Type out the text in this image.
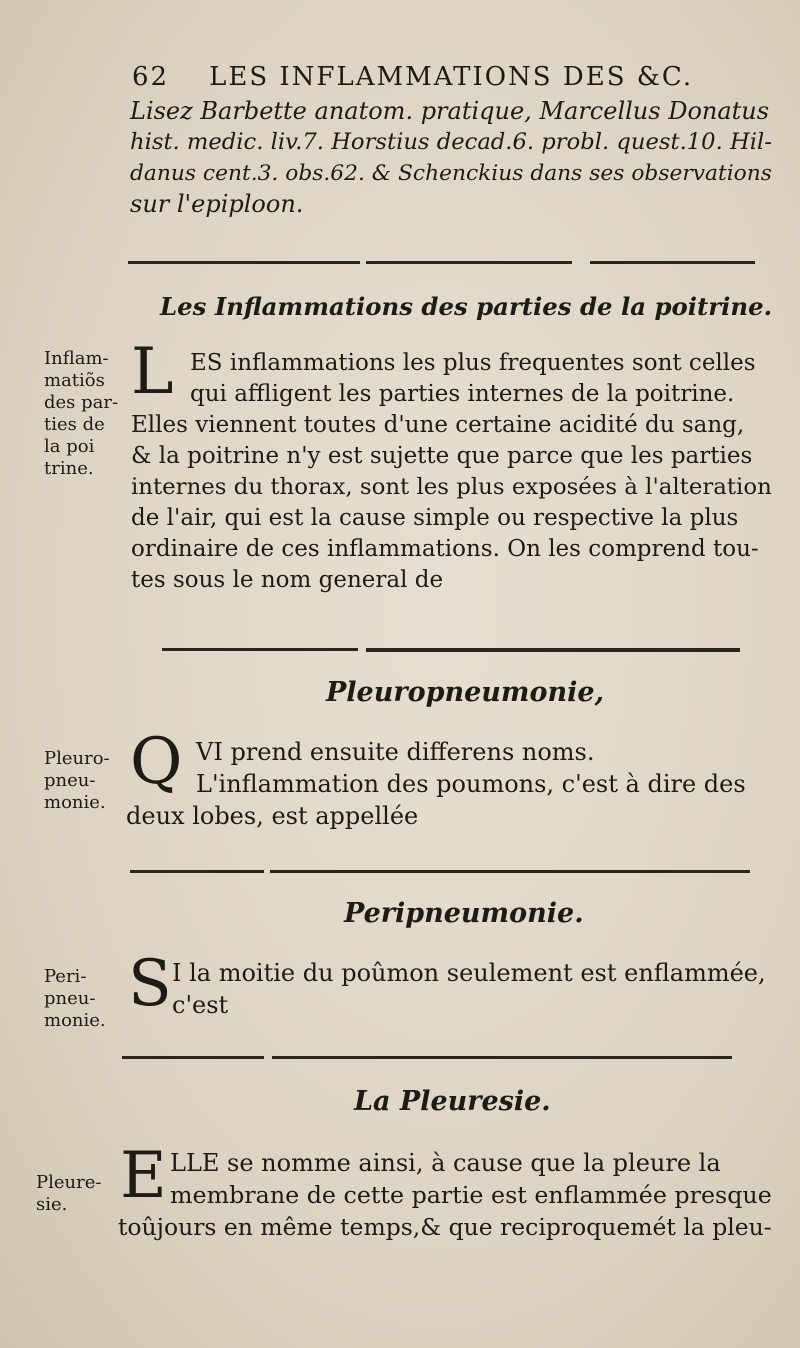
62 LES INFLAMMATIONS DES &C.
Lisez Barbette anatom. pratique, Marcellus Donatus
hist. medic. liv.7. Horstius decad.6. probl. quest.10. Hil-
danus cent.3. obs.62. & Schenckius dans ses observations
sur l'epiploon.
Les Inflammations des parties de la poitrine.
Inflam-
matiõs
des par-
ties de
la poi
trine.
L ES inflammations les plus frequentes sont celles
qui affligent les parties internes de la poitrine.
Elles viennent toutes d'une certaine acidité du sang,
& la poitrine n'y est sujette que parce que les parties
internes du thorax, sont les plus exposées à l'alteration
de l'air, qui est la cause simple ou respective la plus
ordinaire de ces inflammations. On les comprend tou-
tes sous le nom general de
Pleuropneumonie,
Pleuro-
pneu-
monie.
Q VI prend ensuite differens noms.
L'inflammation des poumons, c'est à dire des
deux lobes, est appellée
Peripneumonie.
Peri-
pneu-
monie. S I la moitie du poûmon seulement est enflammée,
c'est
La Pleuresie.
Pleure-
sie. E LLE se nomme ainsi, à cause que la pleure la
membrane de cette partie est enflammée presque
toûjours en même temps,& que reciproquemét la pleu-
